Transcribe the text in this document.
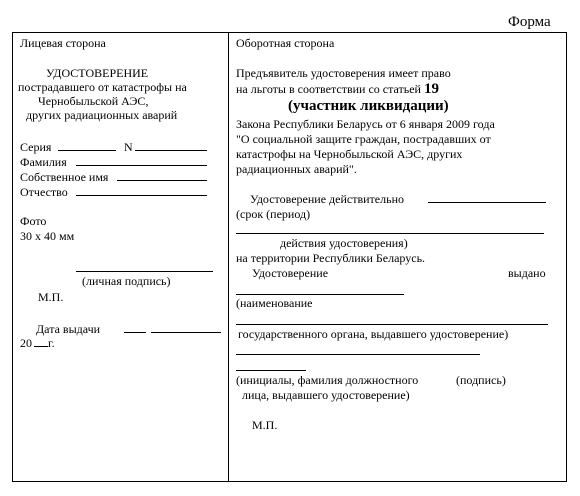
Форма
Лицевая сторона
УДОСТОВЕРЕНИЕ
пострадавшего от катастрофы на
Чернобыльской АЭС,
других радиационных аварий
Серия	N
Фамилия
Собственное имя
Отчество
Фото
30 x 40 мм
(личная подпись)
М.П.
Дата выдачи
20 г.
Оборотная сторона
Предъявитель удостоверения имеет право
на льготы в соответствии со статьей 19
(участник ликвидации)
Закона Республики Беларусь от 6 января 2009 года
"О социальной защите граждан, пострадавших от
катастрофы на Чернобыльской АЭС, других
радиационных аварий".
Удостоверение действительно
(срок (период)
действия удостоверения)
на территории Республики Беларусь.
Удостоверение	выдано
(наименование
государственного органа, выдавшего удостоверение)
(инициалы, фамилия должностного	(подпись)
лица, выдавшего удостоверение)
М.П.
